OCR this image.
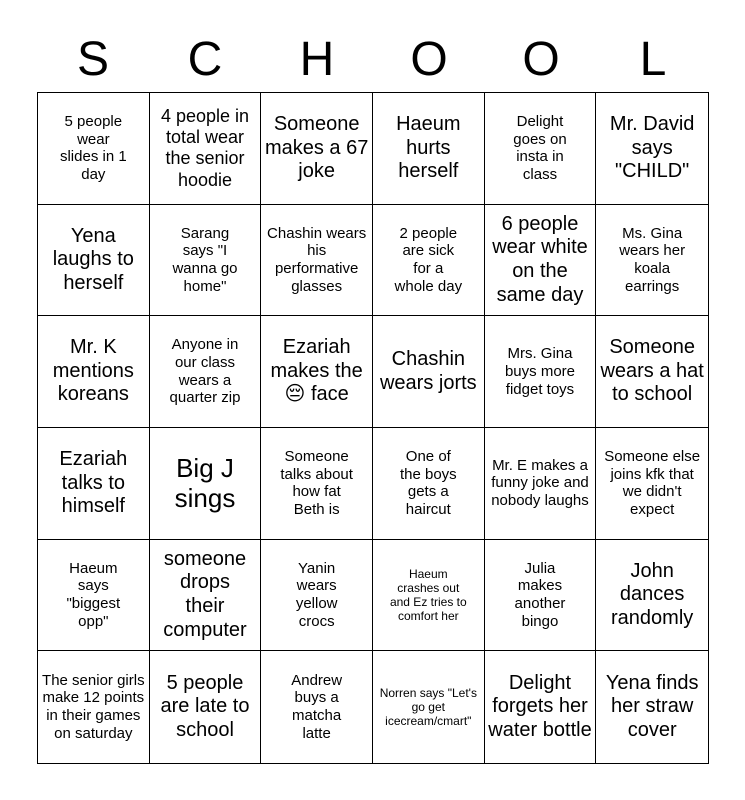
S	C	H	O	O	L
5 people wear slides in 1 day
4 people in total wear the senior hoodie
Someone makes a 67 joke
Haeum hurts herself
Delight goes on insta in class
Mr. David says "CHILD"
Yena laughs to herself
Sarang says "I wanna go home"
Chashin wears his performative glasses
2 people are sick for a whole day
6 people wear white on the same day
Ms. Gina wears her koala earrings
Mr. K mentions koreans
Anyone in our class wears a quarter zip
Ezariah makes the 😔 face
Chashin wears jorts
Mrs. Gina buys more fidget toys
Someone wears a hat to school
Ezariah talks to himself
Big J sings
Someone talks about how fat Beth is
One of the boys gets a haircut
Mr. E makes a funny joke and nobody laughs
Someone else joins kfk that we didn't expect
Haeum says "biggest opp"
someone drops their computer
Yanin wears yellow crocs
Haeum crashes out and Ez tries to comfort her
Julia makes another bingo
John dances randomly
The senior girls make 12 points in their games on saturday
5 people are late to school
Andrew buys a matcha latte
Norren says "Let's go get icecream/cmart"
Delight forgets her water bottle
Yena finds her straw cover
